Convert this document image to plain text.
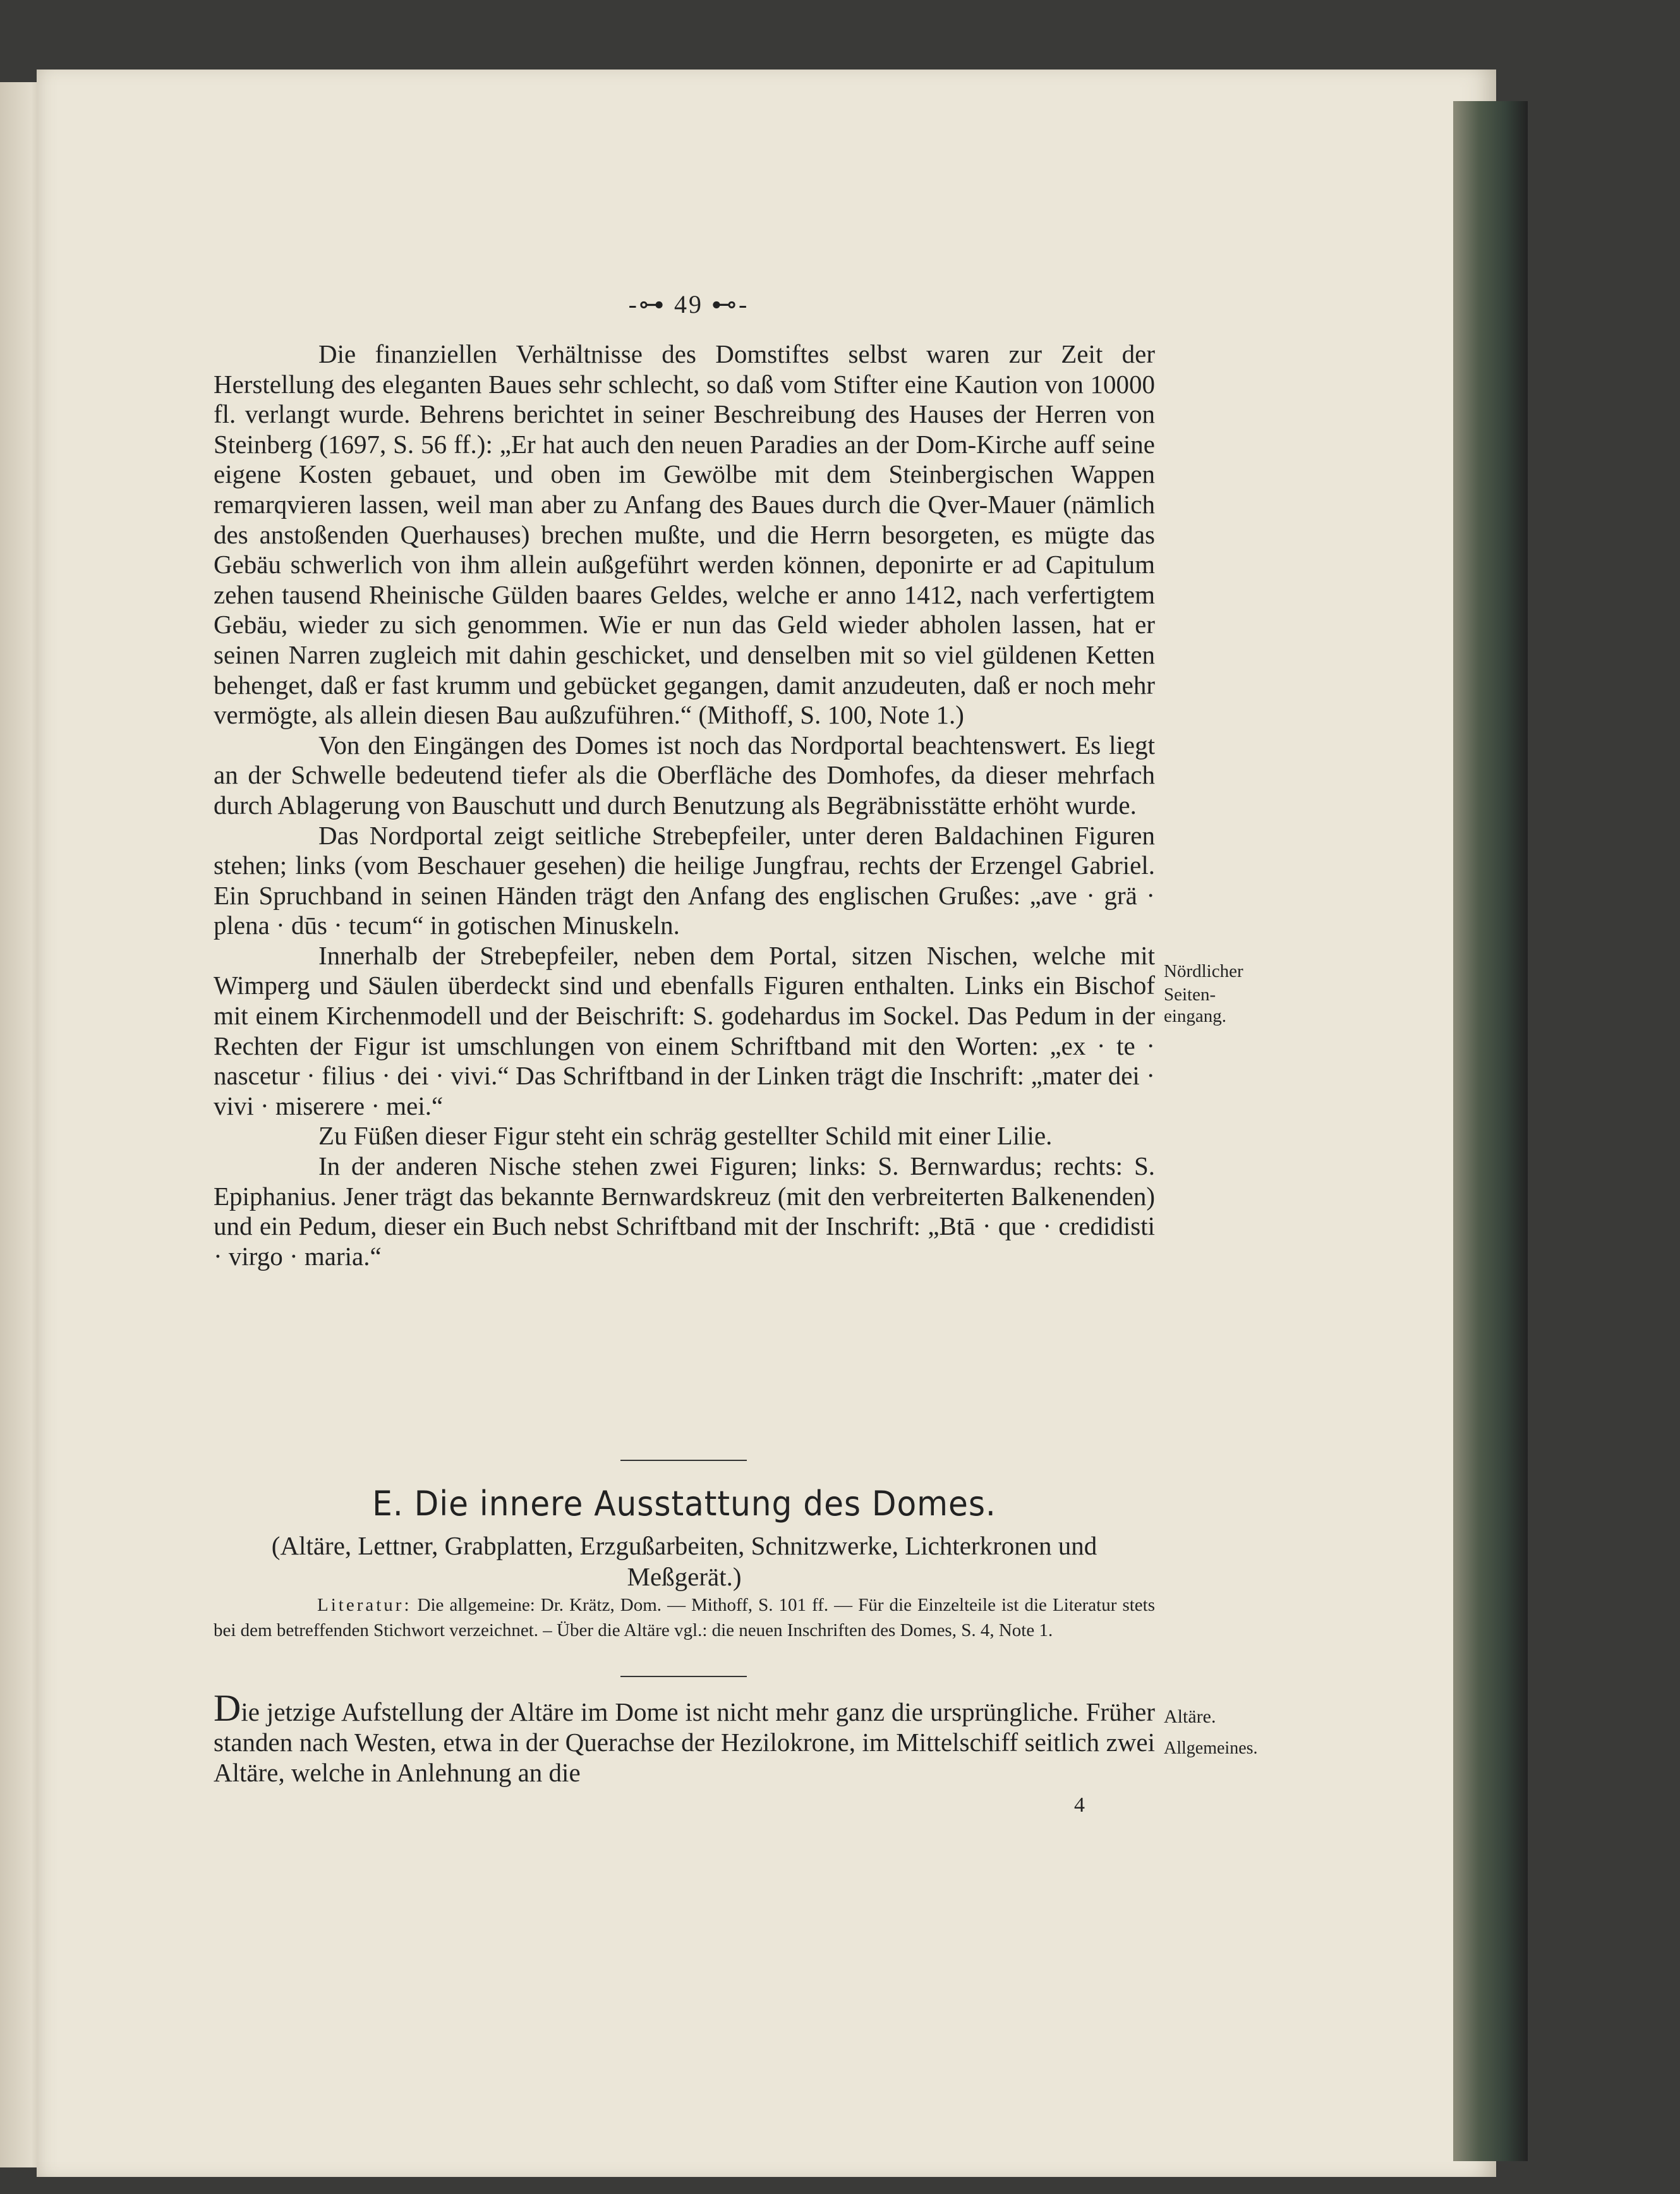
-⊶ 49 ⊷-

Die finanziellen Verhältnisse des Domstiftes selbst waren zur Zeit der Herstellung des eleganten Baues sehr schlecht, so daß vom Stifter eine Kaution von 10000 fl. verlangt wurde. Behrens berichtet in seiner Beschreibung des Hauses der Herren von Steinberg (1697, S. 56 ff.): „Er hat auch den neuen Paradies an der Dom-Kirche auff seine eigene Kosten gebauet, und oben im Gewölbe mit dem Steinbergischen Wappen remarqvieren lassen, weil man aber zu Anfang des Baues durch die Qver-Mauer (nämlich des anstoßenden Querhauses) brechen mußte, und die Herrn besorgeten, es mügte das Gebäu schwerlich von ihm allein außgeführt werden können, deponirte er ad Capitulum zehen tausend Rheinische Gülden baares Geldes, welche er anno 1412, nach verfertigtem Gebäu, wieder zu sich genommen. Wie er nun das Geld wieder abholen lassen, hat er seinen Narren zugleich mit dahin geschicket, und denselben mit so viel güldenen Ketten behenget, daß er fast krumm und gebücket gegangen, damit anzudeuten, daß er noch mehr vermögte, als allein diesen Bau außzuführen.“ (Mithoff, S. 100, Note 1.)

Von den Eingängen des Domes ist noch das Nordportal beachtenswert. Es liegt an der Schwelle bedeutend tiefer als die Oberfläche des Domhofes, da dieser mehrfach durch Ablagerung von Bauschutt und durch Benutzung als Begräbnisstätte erhöht wurde.

Das Nordportal zeigt seitliche Strebepfeiler, unter deren Baldachinen Figuren stehen; links (vom Beschauer gesehen) die heilige Jungfrau, rechts der Erzengel Gabriel. Ein Spruchband in seinen Händen trägt den Anfang des englischen Grußes: „ave · grä · plena · dūs · tecum“ in gotischen Minuskeln.

Innerhalb der Strebepfeiler, neben dem Portal, sitzen Nischen, welche mit Wimperg und Säulen überdeckt sind und ebenfalls Figuren enthalten. Links ein Bischof mit einem Kirchenmodell und der Beischrift: S. godehardus im Sockel. Das Pedum in der Rechten der Figur ist umschlungen von einem Schriftband mit den Worten: „ex · te · nascetur · filius · dei · vivi.“ Das Schriftband in der Linken trägt die Inschrift: „mater dei · vivi · miserere · mei.“

Zu Füßen dieser Figur steht ein schräg gestellter Schild mit einer Lilie.

In der anderen Nische stehen zwei Figuren; links: S. Bernwardus; rechts: S. Epiphanius. Jener trägt das bekannte Bernwardskreuz (mit den verbreiterten Balkenenden) und ein Pedum, dieser ein Buch nebst Schriftband mit der Inschrift: „Btā · que · credidisti · virgo · maria.“

Nördlicher
Seiten-
eingang.
E. Die innere Ausstattung des Domes.
(Altäre, Lettner, Grabplatten, Erzgußarbeiten, Schnitzwerke, Lichterkronen und Meßgerät.)

Literatur: Die allgemeine: Dr. Krätz, Dom. — Mithoff, S. 101 ff. — Für die Einzelteile ist die Literatur stets bei dem betreffenden Stichwort verzeichnet. – Über die Altäre vgl.: die neuen Inschriften des Domes, S. 4, Note 1.

Die jetzige Aufstellung der Altäre im Dome ist nicht mehr ganz die ursprüngliche. Früher standen nach Westen, etwa in der Querachse der Hezilokrone, im Mittelschiff seitlich zwei Altäre, welche in Anlehnung an die

Altäre.
Allgemeines.
4
